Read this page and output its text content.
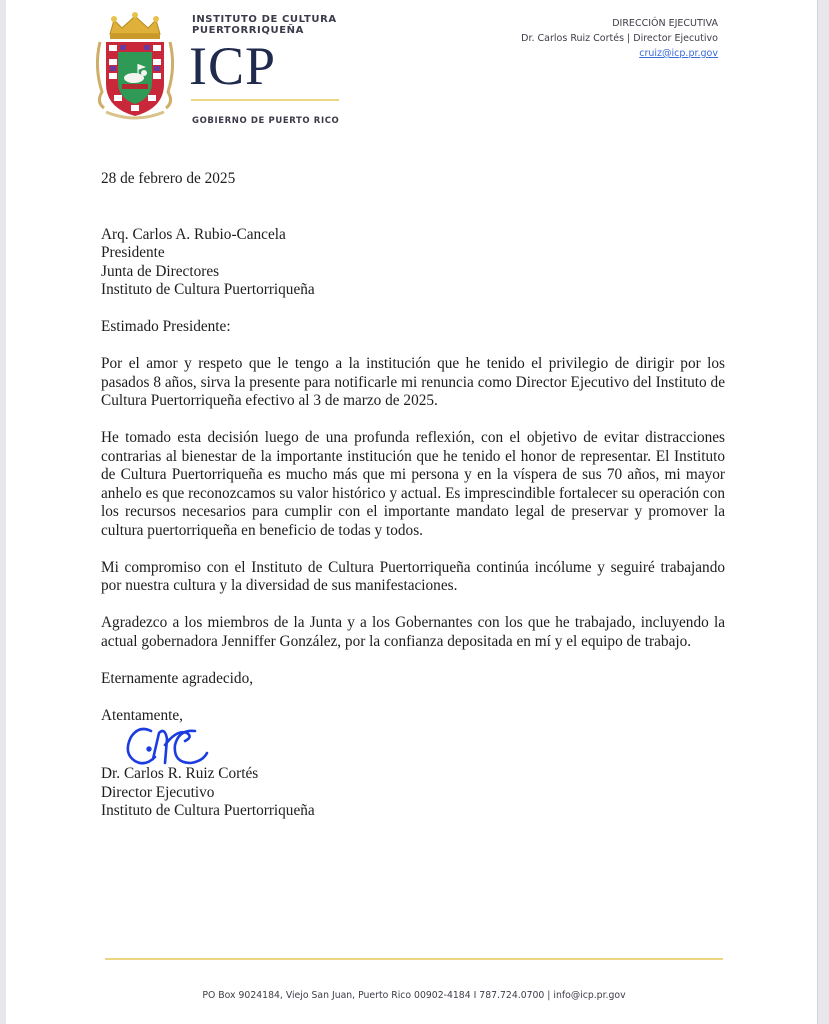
INSTITUTO DE CULTURA
PUERTORRIQUEÑA
ICP
GOBIERNO DE PUERTO RICO
DIRECCIÓN EJECUTIVA
Dr. Carlos Ruiz Cortés | Director Ejecutivo
cruiz@icp.pr.gov

28 de febrero de 2025

Arq. Carlos A. Rubio-Cancela

Presidente

Junta de Directores

Instituto de Cultura Puertorriqueña

Estimado Presidente:

Por el amor y respeto que le tengo a la institución que he tenido el privilegio de dirigir por los pasados 8 años, sirva la presente para notificarle mi renuncia como Director Ejecutivo del Instituto de Cultura Puertorriqueña efectivo al 3 de marzo de 2025.

He tomado esta decisión luego de una profunda reflexión, con el objetivo de evitar distracciones contrarias al bienestar de la importante institución que he tenido el honor de representar. El Instituto de Cultura Puertorriqueña es mucho más que mi persona y en la víspera de sus 70 años, mi mayor anhelo es que reconozcamos su valor histórico y actual. Es imprescindible fortalecer su operación con los recursos necesarios para cumplir con el importante mandato legal de preservar y promover la cultura puertorriqueña en beneficio de todas y todos.

Mi compromiso con el Instituto de Cultura Puertorriqueña continúa incólume y seguiré trabajando por nuestra cultura y la diversidad de sus manifestaciones.

Agradezco a los miembros de la Junta y a los Gobernantes con los que he trabajado, incluyendo la actual gobernadora Jenniffer González, por la confianza depositada en mí y el equipo de trabajo.

Eternamente agradecido,

Atentamente,

Dr. Carlos R. Ruiz Cortés

Director Ejecutivo

Instituto de Cultura Puertorriqueña

PO Box 9024184, Viejo San Juan, Puerto Rico 00902-4184 I 787.724.0700 | info@icp.pr.gov
